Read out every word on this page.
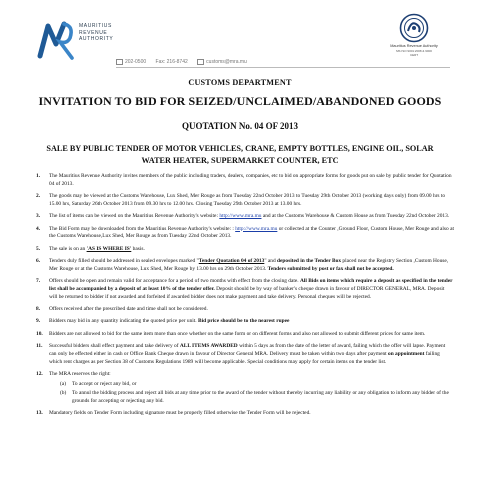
MAURITIUS
REVENUE
AUTHORITY
202-0500 Fax: 216-8742	customs@mra.mu
Mauritius Revenue Authority
MS ISO 9001:2008 & 9000
CERT
CUSTOMS DEPARTMENT
INVITATION TO BID FOR SEIZED/UNCLAIMED/ABANDONED GOODS
QUOTATION No. 04 OF 2013
SALE BY PUBLIC TENDER OF MOTOR VEHICLES, CRANE, EMPTY BOTTLES, ENGINE OIL, SOLAR
WATER HEATER, SUPERMARKET COUNTER, ETC
1. The Mauritius Revenue Authority invites members of the public including traders, dealers, companies, etc to bid on appropriate forms for goods put on sale by public tender for Quotation 04 of 2013.
2. The goods may be viewed at the Customs Warehouse, Lux Shed, Mer Rouge as from Tuesday 22nd October 2013 to Tuesday 29th October 2013 (working days only) from 09.00 hrs to 15.00 hrs, Saturday 26th October 2013 from 09.30 hrs to 12.00 hrs. Closing Tuesday 29th October 2013 at 13.00 hrs.
3. The list of items can be viewed on the Mauritius Revenue Authority's website: http://www.mra.mu and at the Customs Warehouse & Custom House as from Tuesday 22nd October 2013.
4. The Bid Form may be downloaded from the Mauritius Revenue Authority's website: : http://www.mra.mu or collected at the Counter ,Ground Floor, Custom House, Mer Rouge and also at the Customs Warehouse,Lux Shed, Mer Rouge as from Tuesday 22nd October 2013.
5. The sale is on an 'AS IS WHERE IS' basis.
6. Tenders duly filled should be addressed in sealed envelopes marked "Tender Quotation 04 of 2013" and deposited in the Tender Box placed near the Registry Section ,Custom House, Mer Rouge or at the Customs Warehouse, Lux Shed, Mer Rouge by 13.00 hrs on 29th October 2013. Tenders submitted by post or fax shall not be accepted.
7. Offers should be open and remain valid for acceptance for a period of two months with effect from the closing date. All Bids on items which require a deposit as specified in the tender list shall be accompanied by a deposit of at least 10% of the tender offer. Deposit should be by way of banker's cheque drawn in favour of DIRECTOR GENERAL, MRA. Deposit will be returned to bidder if not awarded and forfeited if awarded bidder does not make payment and take delivery. Personal cheques will be rejected.
8. Offers received after the prescribed date and time shall not be considered.
9. Bidders may bid in any quantity indicating the quoted price per unit. Bid price should be to the nearest rupee
10. Bidders are not allowed to bid for the same item more than once whether on the same form or on different forms and also not allowed to submit different prices for same item.
11. Successful bidders shall effect payment and take delivery of ALL ITEMS AWARDED within 5 days as from the date of the letter of award, failing which the offer will lapse. Payment can only be effected either in cash or Office Bank Cheque drawn in favour of Director General MRA. Delivery must be taken within two days after payment on appointment failing which rent charges as per Section 38 of Customs Regulations 1989 will become applicable. Special conditions may apply for certain items on the tender list.
12. The MRA reserves the right:
(a) To accept or reject any bid, or
(b) To annul the bidding process and reject all bids at any time prior to the award of the tender without thereby incurring any liability or any obligation to inform any bidder of the grounds for accepting or rejecting any bid.
13. Mandatory fields on Tender Form including signature must be properly filled otherwise the Tender Form will be rejected.
